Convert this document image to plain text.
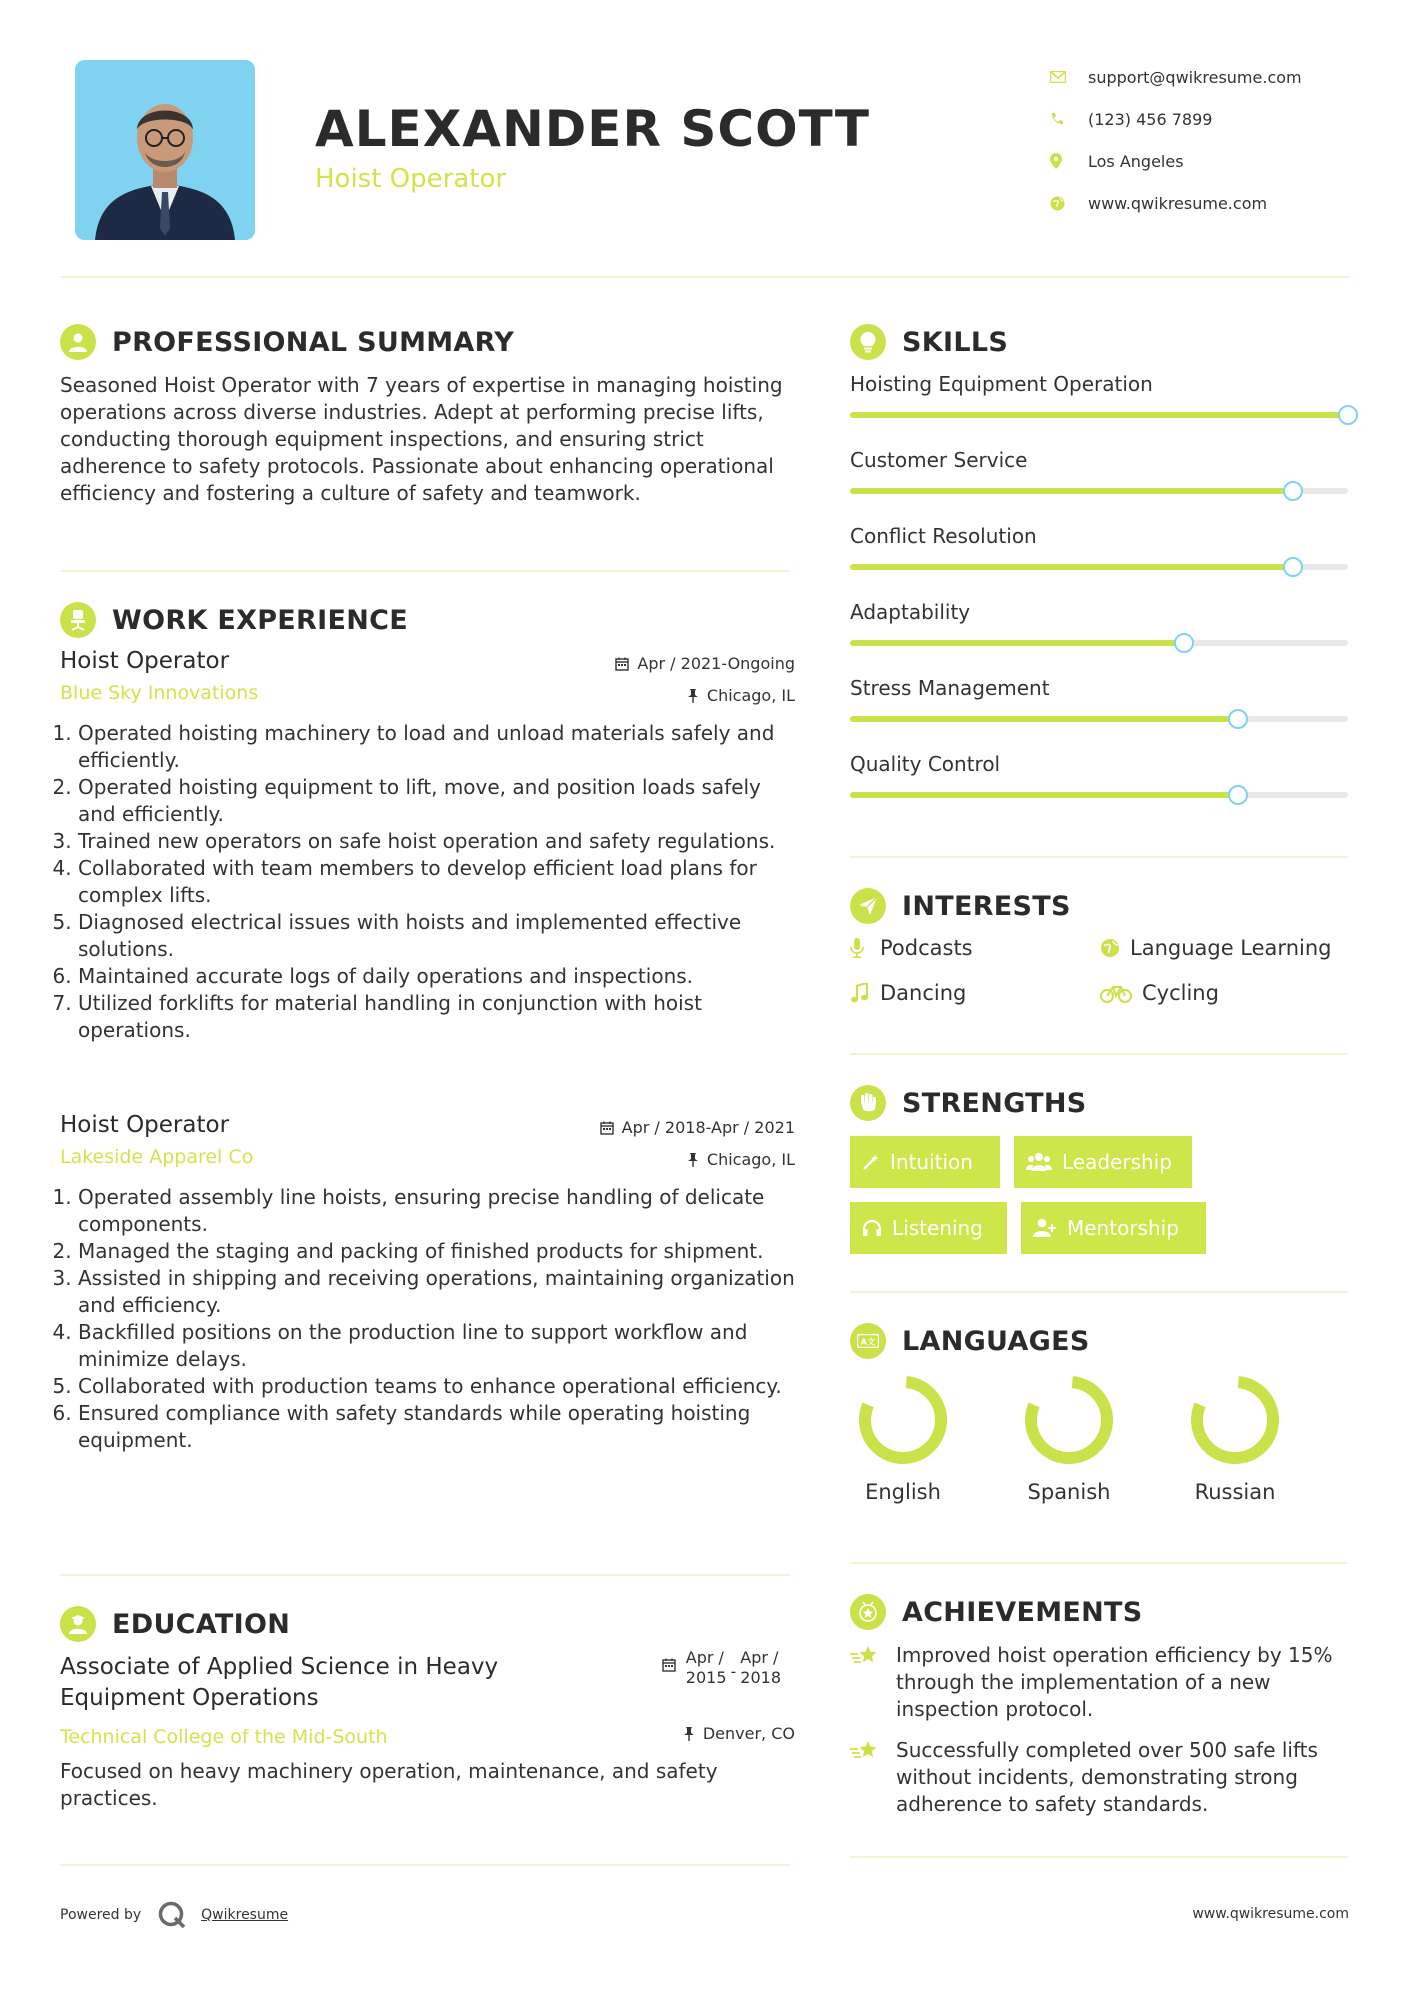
ALEXANDER SCOTT
Hoist Operator
support@qwikresume.com
(123) 456 7899
Los Angeles
www.qwikresume.com
PROFESSIONAL SUMMARY
Seasoned Hoist Operator with 7 years of expertise in managing hoisting operations across diverse industries. Adept at performing precise lifts, conducting thorough equipment inspections, and ensuring strict adherence to safety protocols. Passionate about enhancing operational efficiency and fostering a culture of safety and teamwork.
WORK EXPERIENCE
Hoist Operator
Blue Sky Innovations
Apr / 2021-Ongoing
Chicago, IL
1. Operated hoisting machinery to load and unload materials safely and efficiently.
2. Operated hoisting equipment to lift, move, and position loads safely and efficiently.
3. Trained new operators on safe hoist operation and safety regulations.
4. Collaborated with team members to develop efficient load plans for complex lifts.
5. Diagnosed electrical issues with hoists and implemented effective solutions.
6. Maintained accurate logs of daily operations and inspections.
7. Utilized forklifts for material handling in conjunction with hoist operations.
Hoist Operator
Lakeside Apparel Co
Apr / 2018-Apr / 2021
Chicago, IL
1. Operated assembly line hoists, ensuring precise handling of delicate components.
2. Managed the staging and packing of finished products for shipment.
3. Assisted in shipping and receiving operations, maintaining organization and efficiency.
4. Backfilled positions on the production line to support workflow and minimize delays.
5. Collaborated with production teams to enhance operational efficiency.
6. Ensured compliance with safety standards while operating hoisting equipment.
EDUCATION
Associate of Applied Science in Heavy Equipment Operations
Technical College of the Mid-South
Focused on heavy machinery operation, maintenance, and safety practices.
Apr /
2015 -
Apr /
2018
Denver, CO
SKILLS
Hoisting Equipment Operation
Customer Service
Conflict Resolution
Adaptability
Stress Management
Quality Control
INTERESTS
Podcasts	Language Learning
Dancing	Cycling
STRENGTHS
Intuition	Leadership
Listening	Mentorship
A文 LANGUAGES
English	Spanish	Russian
ACHIEVEMENTS
Improved hoist operation efficiency by 15% through the implementation of a new inspection protocol.
Successfully completed over 500 safe lifts without incidents, demonstrating strong adherence to safety standards.
Powered by	Qwikresume	www.qwikresume.com
